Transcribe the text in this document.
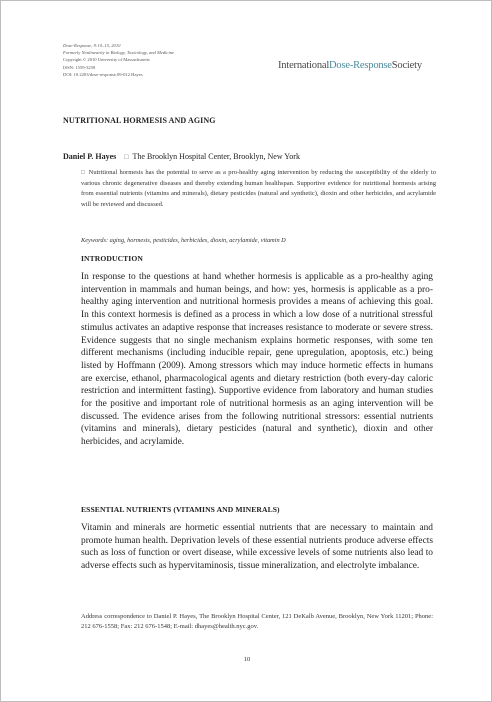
Dose-Response, 9:10–15, 2010
Formerly Nonlinearity in Biology, Toxicology, and Medicine
Copyright © 2010 University of Massachusetts
ISSN: 1559-3258
DOI: 10.2203/dose-response.09-012.Hayes
InternationalDose-ResponseSociety
NUTRITIONAL HORMESIS AND AGING
Daniel P. Hayes □ The Brooklyn Hospital Center, Brooklyn, New York
□ Nutritional hormesis has the potential to serve as a pro-healthy aging intervention by reducing the susceptibility of the elderly to various chronic degenerative diseases and thereby extending human healthspan. Supportive evidence for nutritional hormesis arising from essential nutrients (vitamins and minerals), dietary pesticides (natural and synthetic), dioxin and other herbicides, and acrylamide will be reviewed and discussed.
Keywords: aging, hormesis, pesticides, herbicides, dioxin, acrylamide, vitamin D
INTRODUCTION
In response to the questions at hand whether hormesis is applicable as a pro-healthy aging intervention in mammals and human beings, and how: yes, hormesis is applicable as a pro-healthy aging intervention and nutritional hormesis provides a means of achieving this goal. In this context hormesis is defined as a process in which a low dose of a nutritional stressful stimulus activates an adaptive response that increases resistance to moderate or severe stress. Evidence suggests that no single mechanism explains hormetic responses, with some ten different mechanisms (including inducible repair, gene upregulation, apoptosis, etc.) being listed by Hoffmann (2009). Among stressors which may induce hormetic effects in humans are exercise, ethanol, pharmacological agents and dietary restriction (both every-day caloric restriction and intermittent fasting). Supportive evidence from laboratory and human studies for the positive and important role of nutritional hormesis as an aging intervention will be discussed. The evidence arises from the following nutritional stressors: essential nutrients (vitamins and minerals), dietary pesticides (natural and synthetic), dioxin and other herbicides, and acrylamide.
ESSENTIAL NUTRIENTS (VITAMINS AND MINERALS)
Vitamin and minerals are hormetic essential nutrients that are necessary to maintain and promote human health. Deprivation levels of these essential nutrients produce adverse effects such as loss of function or overt disease, while excessive levels of some nutrients also lead to adverse effects such as hypervitaminosis, tissue mineralization, and electrolyte imbalance.
Address correspondence to Daniel P. Hayes, The Brooklyn Hospital Center, 121 DeKalb Avenue, Brooklyn, New York 11201; Phone: 212 676-1558; Fax: 212 676-1548; E-mail: dhayes@health.nyc.gov.
10
